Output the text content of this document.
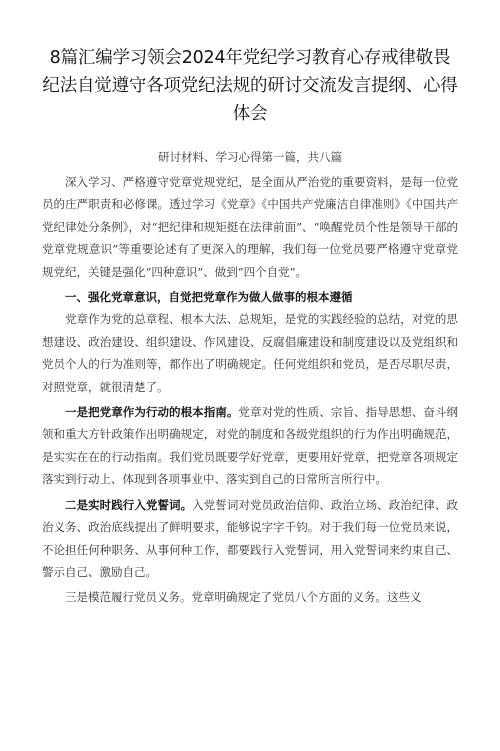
8篇汇编学习领会2024年党纪学习教育心存戒律敬畏纪法自觉遵守各项党纪法规的研讨交流发言提纲、心得体会
研讨材料、学习心得第一篇，共八篇

深入学习、严格遵守党章党规党纪，是全面从严治党的重要资料，是每一位党员的庄严职责和必修课。透过学习《党章》《中国共产党廉洁自律准则》《中国共产党纪律处分条例》，对“把纪律和规矩挺在法律前面”、“唤醒党员个性是领导干部的党章党规意识”等重要论述有了更深入的理解，我们每一位党员要严格遵守党章党规党纪，关键是强化“四种意识”、做到“四个自党”。

一、强化党章意识，自觉把党章作为做人做事的根本遵循

党章作为党的总章程、根本大法、总规矩，是党的实践经验的总结，对党的思想建设、政治建设、组织建设、作风建设、反腐倡廉建设和制度建设以及党组织和党员个人的行为准则等，都作出了明确规定。任何党组织和党员，是否尽职尽责，对照党章，就很清楚了。

一是把党章作为行动的根本指南。党章对党的性质、宗旨、指导思想、奋斗纲领和重大方针政策作出明确规定，对党的制度和各级党组织的行为作出明确规范，是实实在在的行动指南。我们党员既要学好党章，更要用好党章，把党章各项规定落实到行动上、体现到各项事业中、落实到自己的日常所言所行中。

二是实时践行入党誓词。入党誓词对党员政治信仰、政治立场、政治纪律、政治义务、政治底线提出了鲜明要求，能够说字字千钧。对于我们每一位党员来说，不论担任何种职务、从事何种工作，都要践行入党誓词，用入党誓词来约束自己、警示自己、激励自己。

三是模范履行党员义务。党章明确规定了党员八个方面的义务。这些义
